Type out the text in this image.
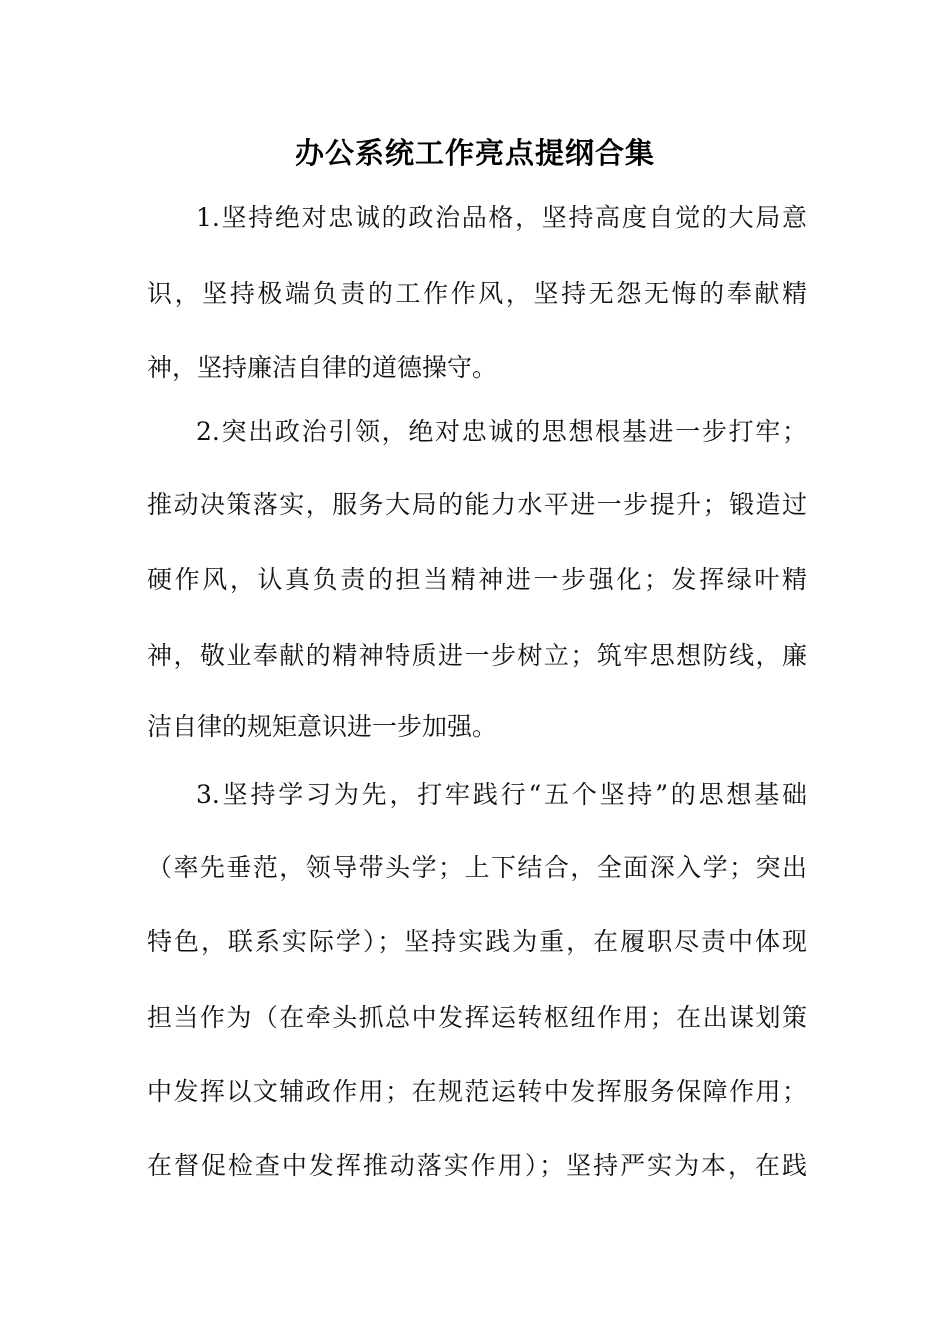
办公系统工作亮点提纲合集
1.坚持绝对忠诚的政治品格，坚持高度自觉的大局意
识，坚持极端负责的工作作风，坚持无怨无悔的奉献精
神，坚持廉洁自律的道德操守。
2.突出政治引领，绝对忠诚的思想根基进一步打牢；
推动决策落实，服务大局的能力水平进一步提升；锻造过
硬作风，认真负责的担当精神进一步强化；发挥绿叶精
神，敬业奉献的精神特质进一步树立；筑牢思想防线，廉
洁自律的规矩意识进一步加强。
3.坚持学习为先，打牢践行“五个坚持”的思想基础
（率先垂范，领导带头学；上下结合，全面深入学；突出
特色，联系实际学）；坚持实践为重，在履职尽责中体现
担当作为（在牵头抓总中发挥运转枢纽作用；在出谋划策
中发挥以文辅政作用；在规范运转中发挥服务保障作用；
在督促检查中发挥推动落实作用）；坚持严实为本，在践
